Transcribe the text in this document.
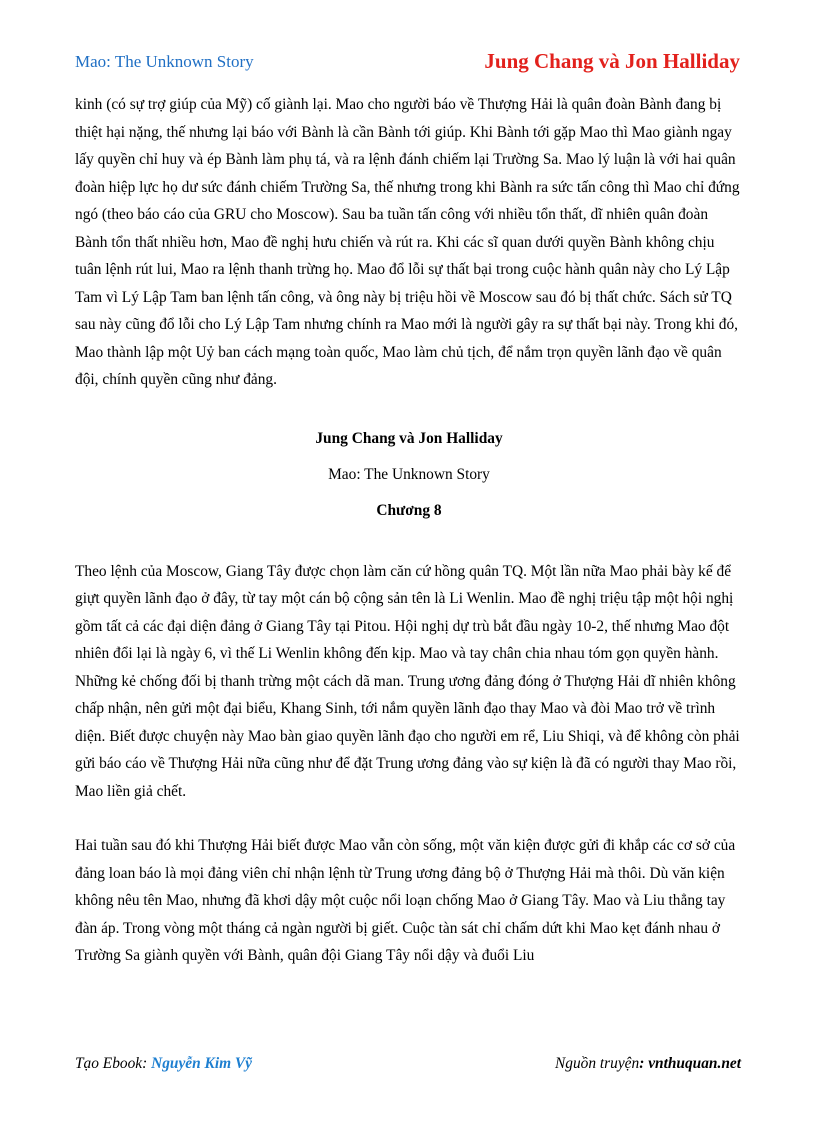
Mao: The Unknown Story	Jung Chang và Jon Halliday

kinh (có sự trợ giúp của Mỹ) cố giành lại. Mao cho người báo về Thượng Hải là quân đoàn Bành đang bị thiệt hại nặng, thế nhưng lại báo với Bành là cần Bành tới giúp. Khi Bành tới gặp Mao thì Mao giành ngay lấy quyền chỉ huy và ép Bành làm phụ tá, và ra lệnh đánh chiếm lại Trường Sa. Mao lý luận là với hai quân đoàn hiệp lực họ dư sức đánh chiếm Trường Sa, thế nhưng trong khi Bành ra sức tấn công thì Mao chỉ đứng ngó (theo báo cáo của GRU cho Moscow). Sau ba tuần tấn công với nhiều tổn thất, dĩ nhiên quân đoàn Bành tổn thất nhiều hơn, Mao đề nghị hưu chiến và rút ra. Khi các sĩ quan dưới quyền Bành không chịu tuân lệnh rút lui, Mao ra lệnh thanh trừng họ. Mao đổ lỗi sự thất bại trong cuộc hành quân này cho Lý Lập Tam vì Lý Lập Tam ban lệnh tấn công, và ông này bị triệu hồi về Moscow sau đó bị thất chức. Sách sử TQ sau này cũng đổ lỗi cho Lý Lập Tam nhưng chính ra Mao mới là người gây ra sự thất bại này. Trong khi đó, Mao thành lập một Uỷ ban cách mạng toàn quốc, Mao làm chủ tịch, để nắm trọn quyền lãnh đạo về quân đội, chính quyền cũng như đảng.

Jung Chang và Jon Halliday

Mao: The Unknown Story

Chương 8

Theo lệnh của Moscow, Giang Tây được chọn làm căn cứ hồng quân TQ. Một lần nữa Mao phải bày kế để giựt quyền lãnh đạo ở đây, từ tay một cán bộ cộng sản tên là Li Wenlin. Mao đề nghị triệu tập một hội nghị gồm tất cả các đại diện đảng ở Giang Tây tại Pitou. Hội nghị dự trù bắt đầu ngày 10-2, thế nhưng Mao đột nhiên đổi lại là ngày 6, vì thế Li Wenlin không đến kịp. Mao và tay chân chia nhau tóm gọn quyền hành. Những kẻ chống đối bị thanh trừng một cách dã man. Trung ương đảng đóng ở Thượng Hải dĩ nhiên không chấp nhận, nên gửi một đại biểu, Khang Sinh, tới nắm quyền lãnh đạo thay Mao và đòi Mao trở về trình diện. Biết được chuyện này Mao bàn giao quyền lãnh đạo cho người em rể, Liu Shiqi, và để không còn phải gửi báo cáo về Thượng Hải nữa cũng như để đặt Trung ương đảng vào sự kiện là đã có người thay Mao rồi, Mao liền giả chết.

Hai tuần sau đó khi Thượng Hải biết được Mao vẫn còn sống, một văn kiện được gửi đi khắp các cơ sở của đảng loan báo là mọi đảng viên chỉ nhận lệnh từ Trung ương đảng bộ ở Thượng Hải mà thôi. Dù văn kiện không nêu tên Mao, nhưng đã khơi dậy một cuộc nổi loạn chống Mao ở Giang Tây. Mao và Liu thẳng tay đàn áp. Trong vòng một tháng cả ngàn người bị giết. Cuộc tàn sát chỉ chấm dứt khi Mao kẹt đánh nhau ở Trường Sa giành quyền với Bành, quân đội Giang Tây nổi dậy và đuổi Liu

Tạo Ebook: Nguyễn Kim Vỹ	Nguồn truyện: vnthuquan.net
